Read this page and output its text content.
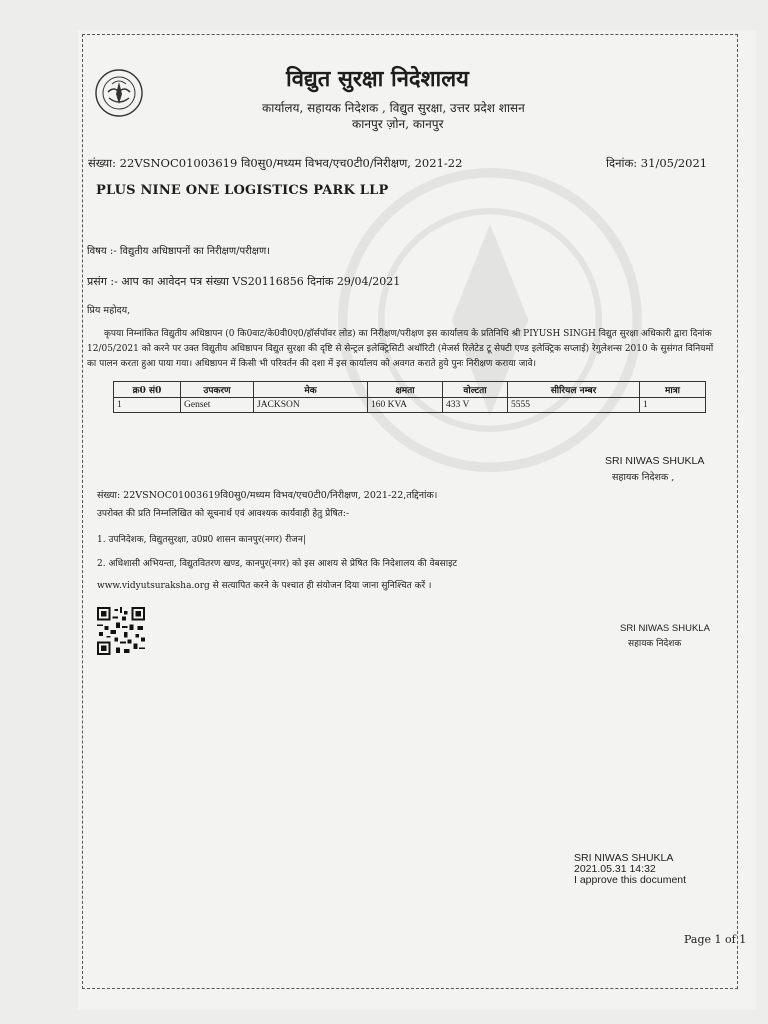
विद्युत सुरक्षा निदेशालय
कार्यालय, सहायक निदेशक , विद्युत सुरक्षा, उत्तर प्रदेश शासन
कानपुर ज़ोन, कानपुर
संख्या: 22VSNOC01003619 वि0सु0/मध्यम विभव/एच0टी0/निरीक्षण, 2021-22	दिनांक: 31/05/2021
PLUS NINE ONE LOGISTICS PARK LLP
विषय :- विद्युतीय अधिष्ठापनों का निरीक्षण/परीक्षण।
प्रसंग :- आप का आवेदन पत्र संख्या VS20116856 दिनांक 29/04/2021
प्रिय महोदय,
कृपया निम्नांकित विद्युतीय अधिष्ठापन (0 कि0वाट/के0वी0ए0/हॉर्सपॉवर लोड) का निरीक्षण/परीक्षण इस कार्यालय के प्रतिनिधि श्री PIYUSH SINGH विद्युत सुरक्षा अधिकारी द्वारा दिनांक 12/05/2021 को करने पर उक्त विद्युतीय अधिष्ठापन विद्युत सुरक्षा की दृष्टि से सेन्ट्रल इलेक्ट्रिसिटी अथॉरिटी (मेजर्स रिलेटेड टू सेफ्टी एण्ड इलेक्ट्रिक सप्लाई) रेगुलेशन्स 2010 के सुसंगत विनियमों का पालन करता हुआ पाया गया। अधिष्ठापन में किसी भी परिवर्तन की दशा में इस कार्यालय को अवगत कराते हुये पुनः निरीक्षण कराया जावे।
क्र0 सं0	उपकरण	मेक	क्षमता	वोल्टता	सीरियल नम्बर	मात्रा
1	Genset	JACKSON	160 KVA	433 V	5555	1
SRI NIWAS SHUKLA
सहायक निदेशक ,
संख्या: 22VSNOC01003619वि0सु0/मध्यम विभव/एच0टी0/निरीक्षण, 2021-22,तद्दिनांक।
उपरोक्त की प्रति निम्नलिखित को सूचनार्थ एवं आवश्यक कार्यवाही हेतु प्रेषित:-
1. उपनिदेशक, विद्युतसुरक्षा, उ0प्र0 शासन कानपुर(नगर) रीजन|
2. अधिशासी अभियन्ता, विद्युतवितरण खण्ड, कानपुर(नगर) को इस आशय से प्रेषित कि निदेशालय की वेबसाइट
www.vidyutsuraksha.org से सत्यापित करने के पश्चात ही संयोजन दिया जाना सुनिश्चित करें ।
SRI NIWAS SHUKLA
सहायक निदेशक
SRI NIWAS SHUKLA
2021.05.31 14:32
I approve this document
Page 1 of 1
